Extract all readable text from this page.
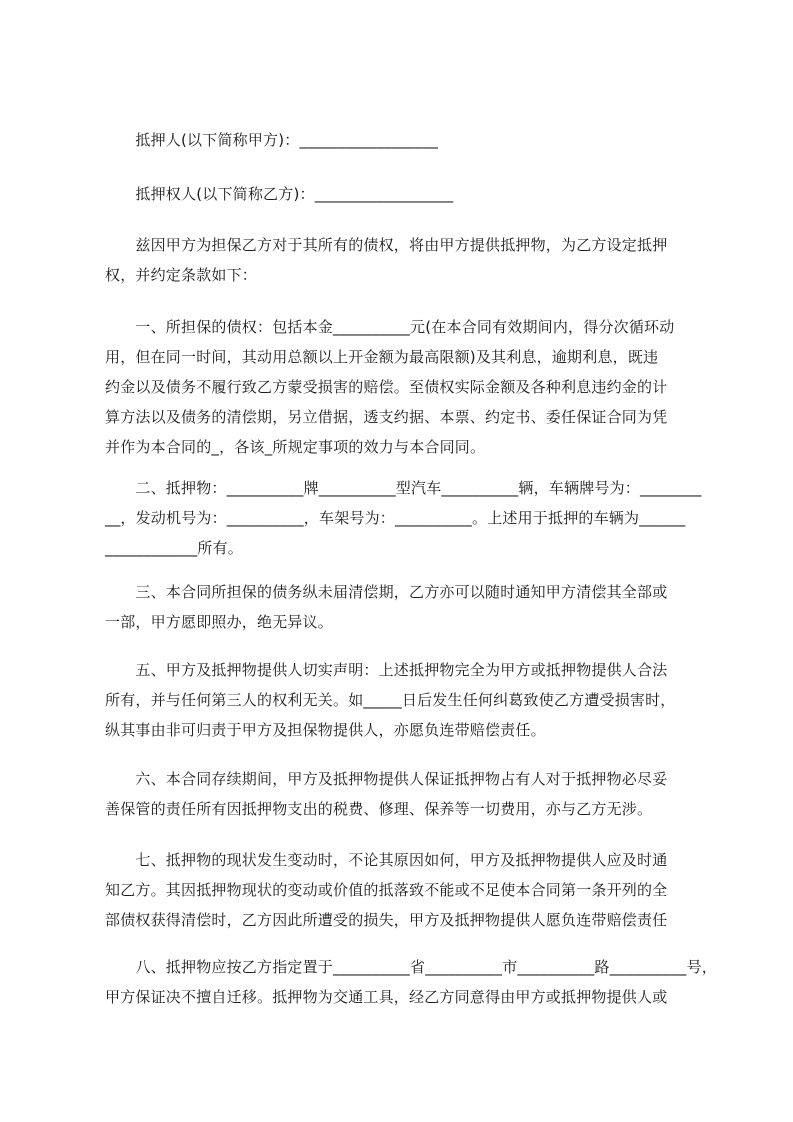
　　抵押人(以下简称甲方)：__________________
　　抵押权人(以下简称乙方)：__________________
　　兹因甲方为担保乙方对于其所有的债权，将由甲方提供抵押物，为乙方设定抵押
权，并约定条款如下：
　　一、所担保的债权：包括本金__________元(在本合同有效期间内，得分次循环动
用，但在同一时间，其动用总额以上开金额为最高限额)及其利息，逾期利息，既违
约金以及债务不履行致乙方蒙受损害的赔偿。至债权实际金额及各种利息违约金的计
算方法以及债务的清偿期，另立借据，透支约据、本票、约定书、委任保证合同为凭
并作为本合同的_，各该_所规定事项的效力与本合同同。
　　二、抵押物：__________牌__________型汽车__________辆，车辆牌号为：________
__，发动机号为：__________，车架号为：__________。上述用于抵押的车辆为______
____________所有。
　　三、本合同所担保的债务纵未届清偿期，乙方亦可以随时通知甲方清偿其全部或
一部，甲方愿即照办，绝无异议。
　　五、甲方及抵押物提供人切实声明：上述抵押物完全为甲方或抵押物提供人合法
所有，并与任何第三人的权利无关。如_____日后发生任何纠葛致使乙方遭受损害时，
纵其事由非可归责于甲方及担保物提供人，亦愿负连带赔偿责任。
　　六、本合同存续期间，甲方及抵押物提供人保证抵押物占有人对于抵押物必尽妥
善保管的责任所有因抵押物支出的税费、修理、保养等一切费用，亦与乙方无涉。
　　七、抵押物的现状发生变动时，不论其原因如何，甲方及抵押物提供人应及时通
知乙方。其因抵押物现状的变动或价值的抵落致不能或不足使本合同第一条开列的全
部债权获得清偿时，乙方因此所遭受的损失，甲方及抵押物提供人愿负连带赔偿责任
　　八、抵押物应按乙方指定置于__________省__________市__________路__________号，
甲方保证决不擅自迁移。抵押物为交通工具，经乙方同意得由甲方或抵押物提供人或
